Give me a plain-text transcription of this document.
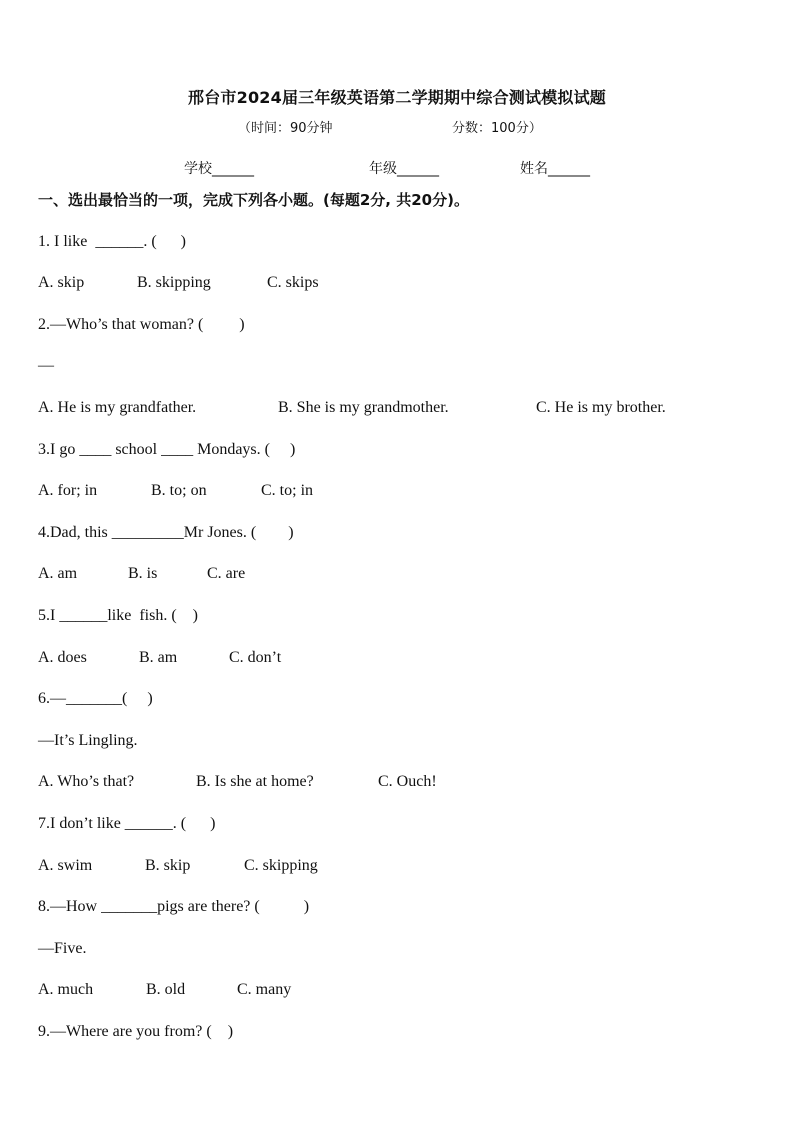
邢台市2024届三年级英语第二学期期中综合测试模拟试题
（时间：90分钟	分数：100分）
学校______	年级______	姓名______
一、选出最恰当的一项，完成下列各小题。(每题2分, 共20分)。
1. I like  ______. (      )
A. skip	B. skipping	C. skips
2.—Who’s that woman? (         )
—
A. He is my grandfather.	B. She is my grandmother.	C. He is my brother.
3.I go ____ school ____ Mondays. (     )
A. for; in	B. to; on	C. to; in
4.Dad, this _________Mr Jones. (        )
A. am	B. is	C. are
5.I ______like  fish. (    )
A. does	B. am	C. don’t
6.—_______(     )
—It’s Lingling.
A. Who’s that?	B. Is she at home?	C. Ouch!
7.I don’t like ______. (      )
A. swim	B. skip	C. skipping
8.—How _______pigs are there? (           )
—Five.
A. much	B. old	C. many
9.—Where are you from? (    )
